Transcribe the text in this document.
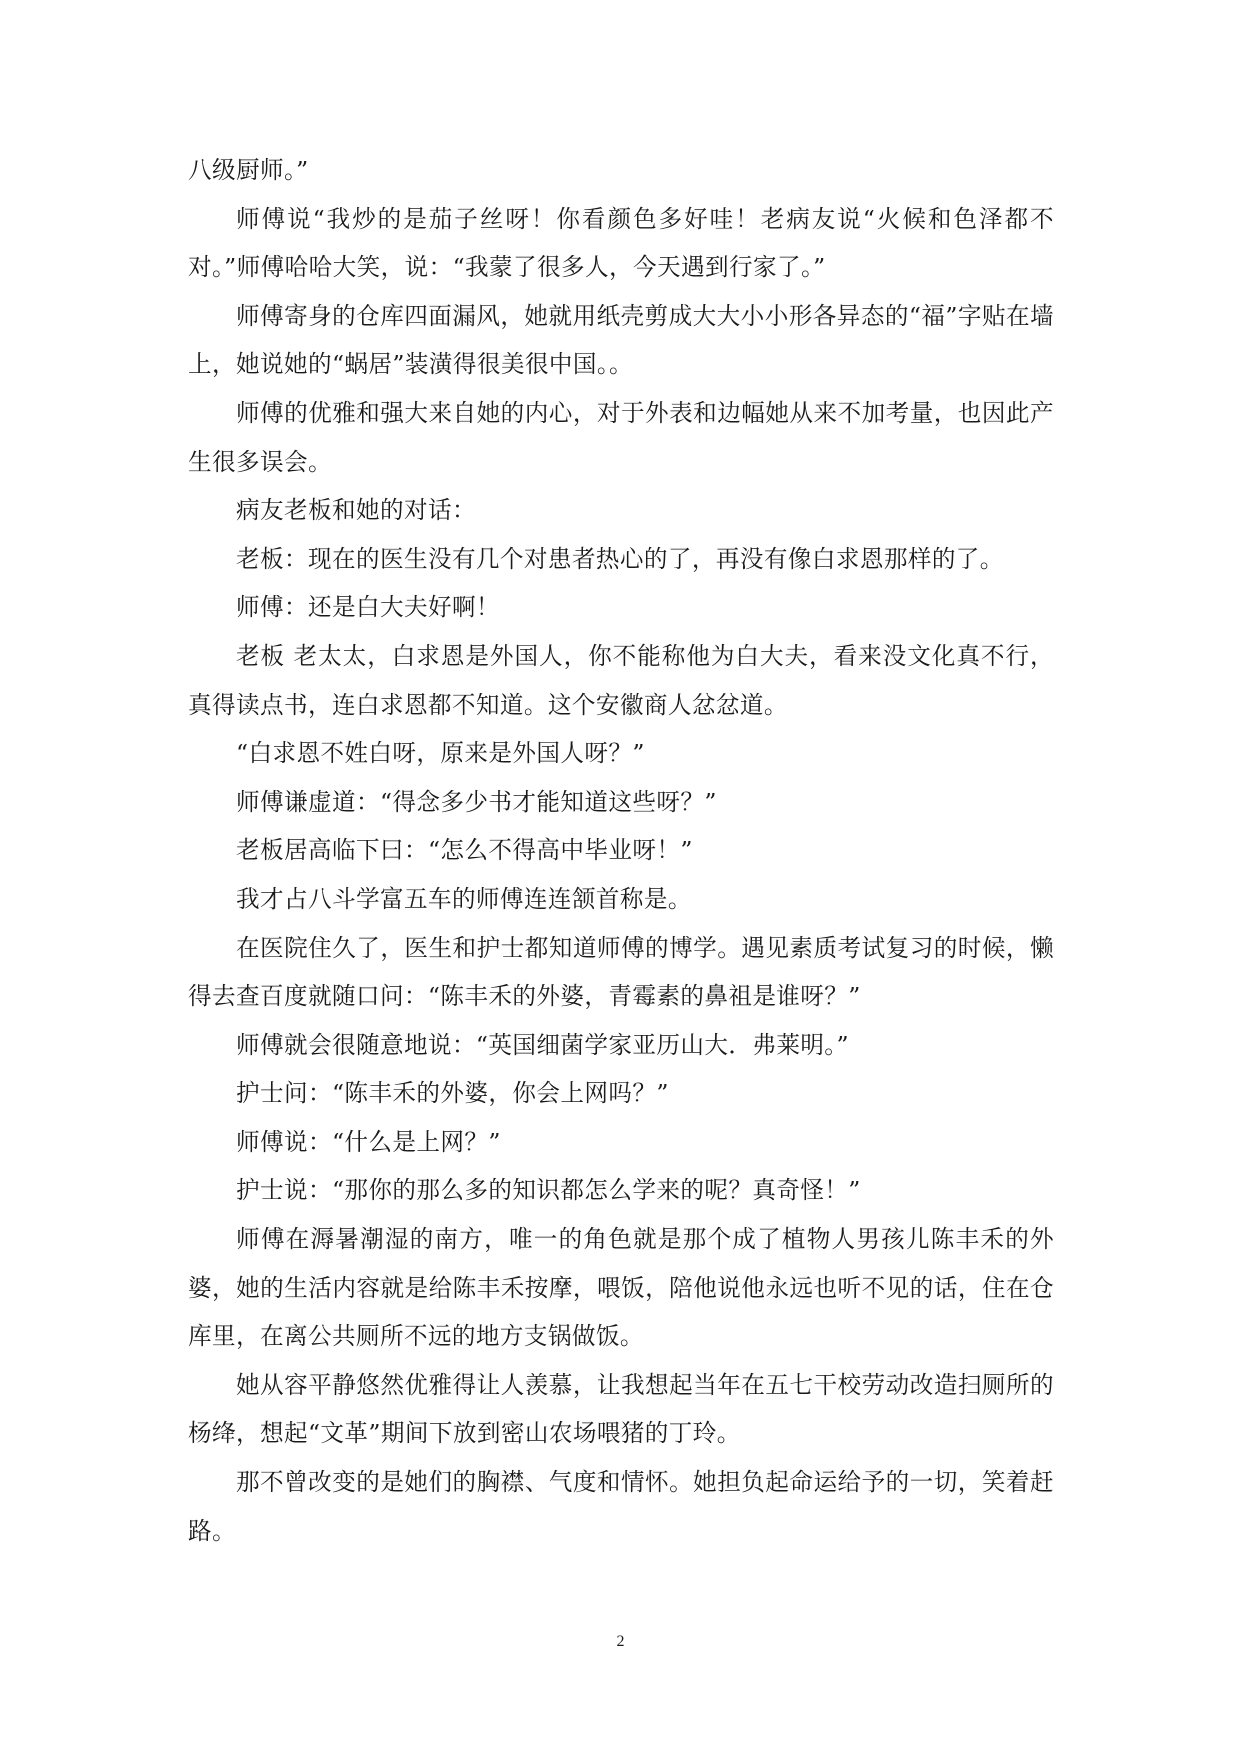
八级厨师。”

师傅说“我炒的是茄子丝呀！你看颜色多好哇！老病友说“火候和色泽都不对。”师傅哈哈大笑，说：“我蒙了很多人，今天遇到行家了。”

师傅寄身的仓库四面漏风，她就用纸壳剪成大大小小形各异态的“福”字贴在墙上，她说她的“蜗居”装潢得很美很中国。。

师傅的优雅和强大来自她的内心，对于外表和边幅她从来不加考量，也因此产生很多误会。

病友老板和她的对话：

老板：现在的医生没有几个对患者热心的了，再没有像白求恩那样的了。

师傅：还是白大夫好啊！

老板 老太太，白求恩是外国人，你不能称他为白大夫，看来没文化真不行，真得读点书，连白求恩都不知道。这个安徽商人忿忿道。

“白求恩不姓白呀，原来是外国人呀？”

师傅谦虚道：“得念多少书才能知道这些呀？”

老板居高临下曰：“怎么不得高中毕业呀！”

我才占八斗学富五车的师傅连连颔首称是。

在医院住久了，医生和护士都知道师傅的博学。遇见素质考试复习的时候，懒得去查百度就随口问：“陈丰禾的外婆，青霉素的鼻祖是谁呀？”

师傅就会很随意地说：“英国细菌学家亚历山大．弗莱明。”

护士问：“陈丰禾的外婆，你会上网吗？”

师傅说：“什么是上网？”

护士说：“那你的那么多的知识都怎么学来的呢？真奇怪！”

师傅在溽暑潮湿的南方，唯一的角色就是那个成了植物人男孩儿陈丰禾的外婆，她的生活内容就是给陈丰禾按摩，喂饭，陪他说他永远也听不见的话，住在仓库里，在离公共厕所不远的地方支锅做饭。

她从容平静悠然优雅得让人羡慕，让我想起当年在五七干校劳动改造扫厕所的杨绛，想起“文革”期间下放到密山农场喂猪的丁玲。

那不曾改变的是她们的胸襟、气度和情怀。她担负起命运给予的一切，笑着赶路。

2
